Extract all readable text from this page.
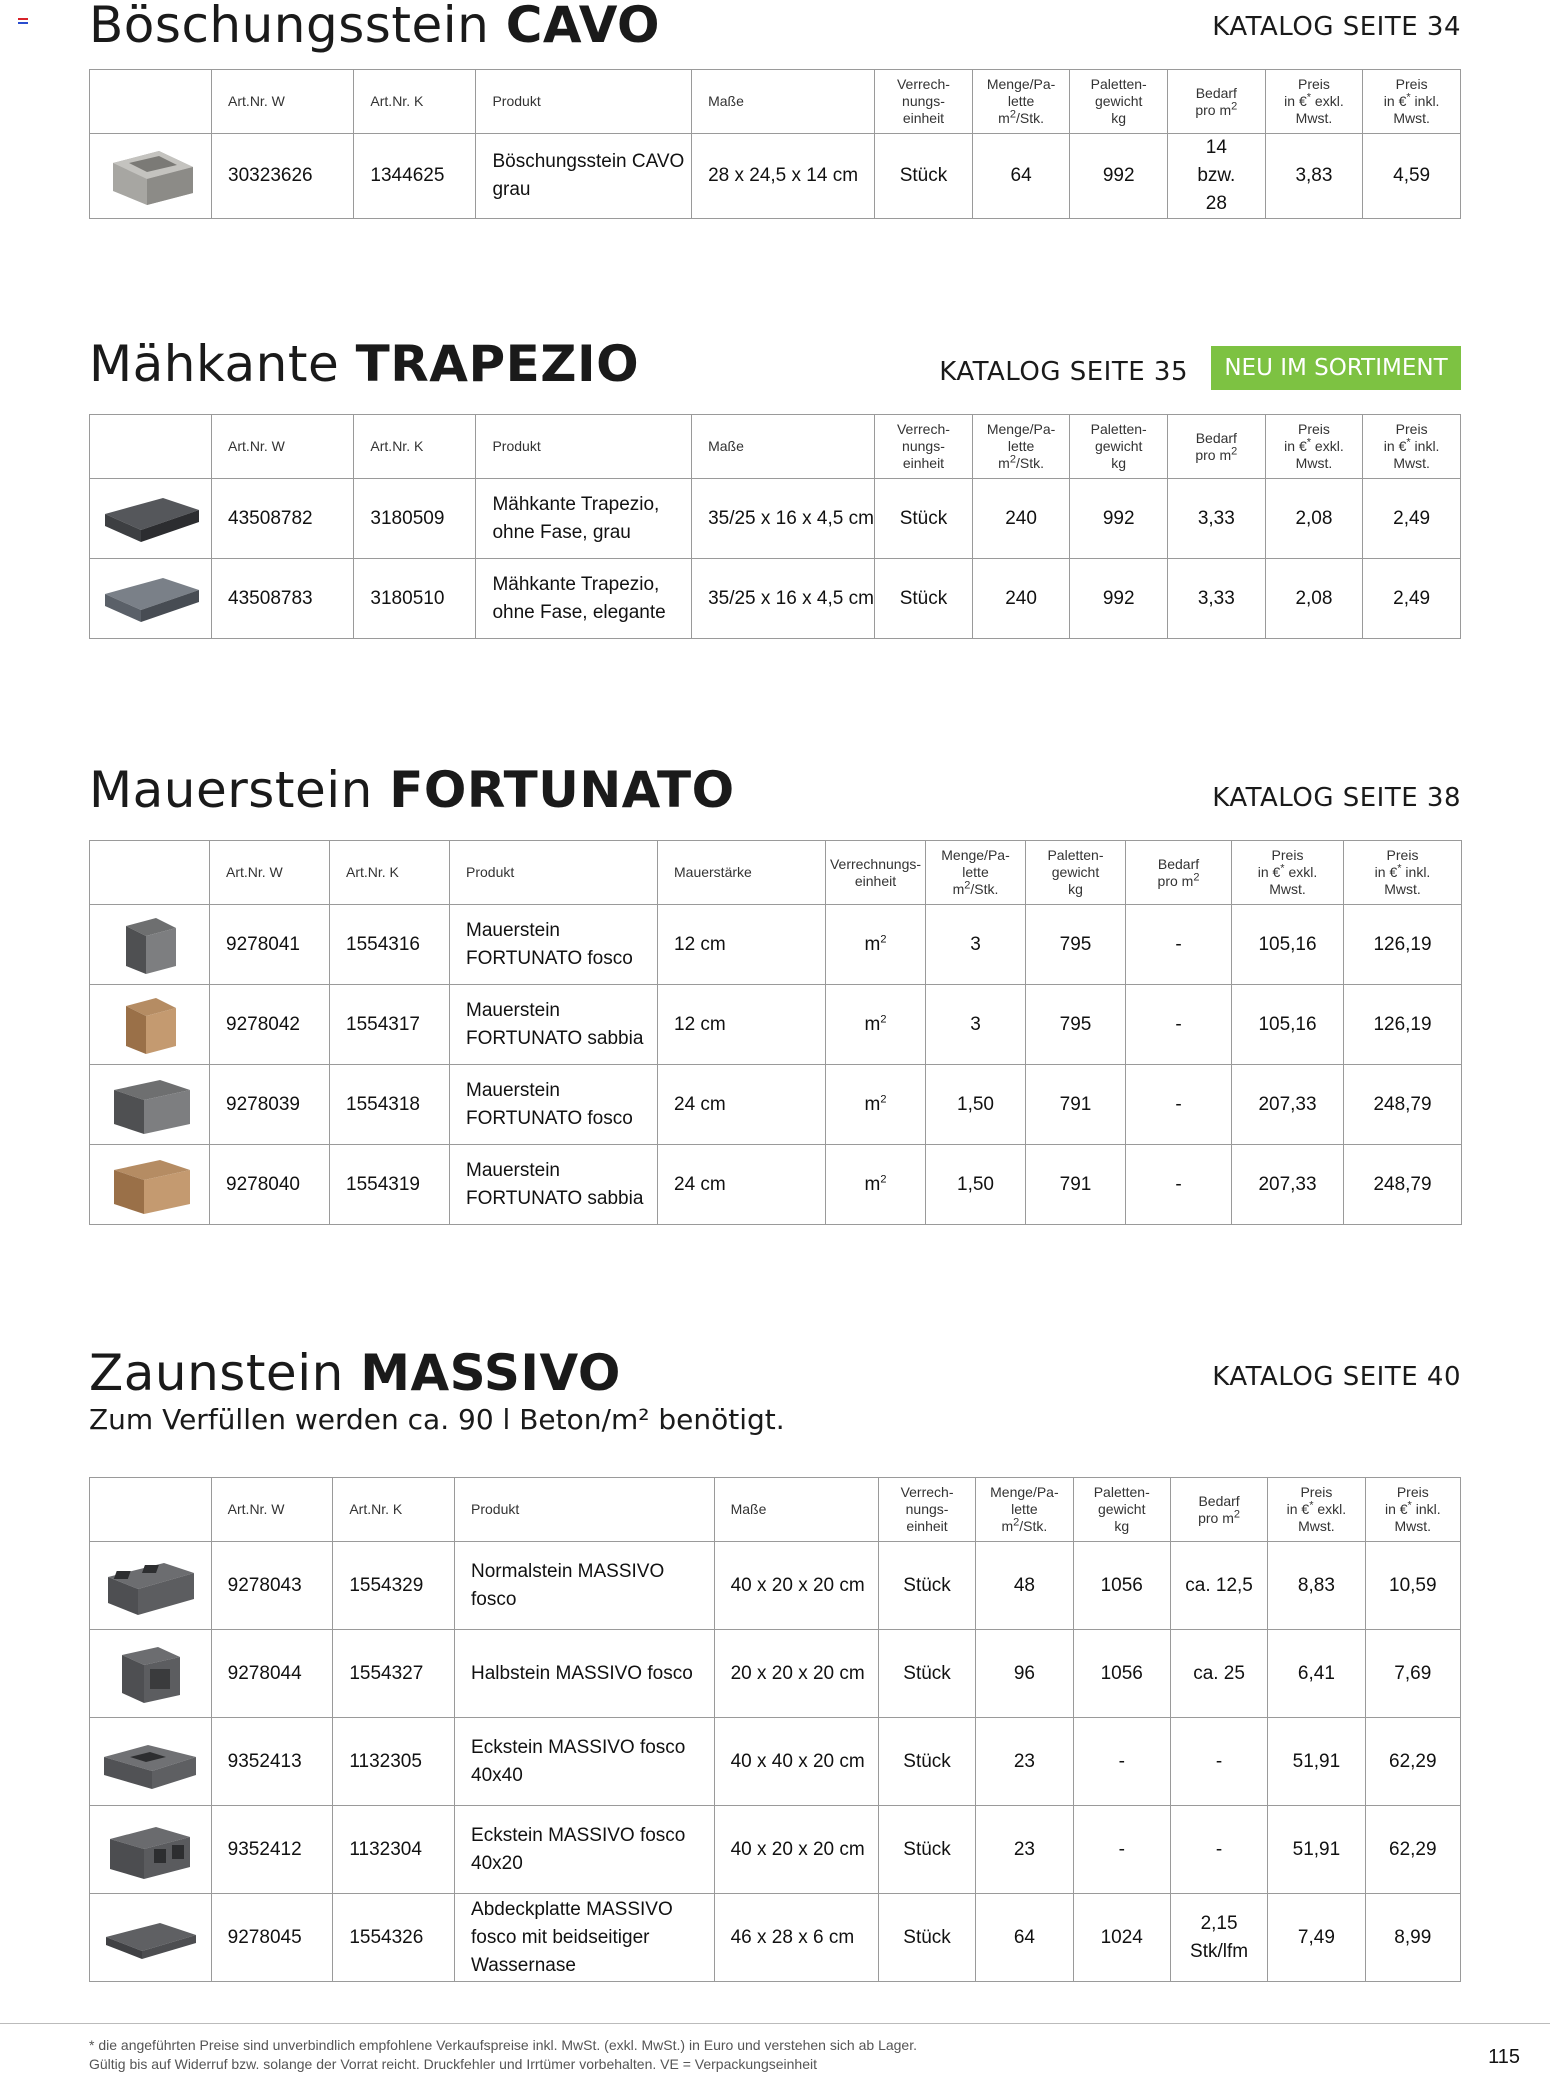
Böschungsstein CAVO	KATALOG SEITE 34
	Art.Nr. W	Art.Nr. K	Produkt	Maße	Verrech-
nungs-
einheit	Menge/Pa-
lette
$m^2$/Stk.	Paletten-
gewicht
kg	Bedarf
pro $m^2$	Preis
in €* exkl.
Mwst.	Preis
in €* inkl.
Mwst.

	30323626	1344625	Böschungsstein CAVO grau	28 x 24,5 x 14 cm	Stück	64	992	14
bzw.
28	3,83	4,59
Mähkante TRAPEZIO	KATALOG SEITE 35	NEU IM SORTIMENT
	Art.Nr. W	Art.Nr. K	Produkt	Maße	Verrech-
nungs-
einheit	Menge/Pa-
lette
$m^2$/Stk.	Paletten-
gewicht
kg	Bedarf
pro $m^2$	Preis
in €* exkl.
Mwst.	Preis
in €* inkl.
Mwst.

	43508782	3180509	Mähkante Trapezio, ohne Fase, grau	35/25 x 16 x 4,5 cm	Stück	240	992	3,33	2,08	2,49

	43508783	3180510	Mähkante Trapezio, ohne Fase, elegante	35/25 x 16 x 4,5 cm	Stück	240	992	3,33	2,08	2,49
Mauerstein FORTUNATO	KATALOG SEITE 38
	Art.Nr. W	Art.Nr. K	Produkt	Mauerstärke	Verrechnungs-
einheit	Menge/Pa-
lette
$m^2$/Stk.	Paletten-
gewicht
kg	Bedarf
pro $m^2$	Preis
in €* exkl.
Mwst.	Preis
in €* inkl.
Mwst.

	9278041	1554316	Mauerstein FORTUNATO fosco	12 cm	$m^2$	3	795	-	105,16	126,19

	9278042	1554317	Mauerstein FORTUNATO sabbia	12 cm	$m^2$	3	795	-	105,16	126,19

	9278039	1554318	Mauerstein FORTUNATO fosco	24 cm	$m^2$	1,50	791	-	207,33	248,79

	9278040	1554319	Mauerstein FORTUNATO sabbia	24 cm	$m^2$	1,50	791	-	207,33	248,79
Zaunstein MASSIVO	KATALOG SEITE 40
Zum Verfüllen werden ca. 90 l Beton/m² benötigt.
	Art.Nr. W	Art.Nr. K	Produkt	Maße	Verrech-
nungs-
einheit	Menge/Pa-
lette
$m^2$/Stk.	Paletten-
gewicht
kg	Bedarf
pro $m^2$	Preis
in €* exkl.
Mwst.	Preis
in €* inkl.
Mwst.

	9278043	1554329	Normalstein MASSIVO fosco	40 x 20 x 20 cm	Stück	48	1056	ca. 12,5	8,83	10,59

	9278044	1554327	Halbstein MASSIVO fosco	20 x 20 x 20 cm	Stück	96	1056	ca. 25	6,41	7,69

	9352413	1132305	Eckstein MASSIVO fosco 40x40	40 x 40 x 20 cm	Stück	23	-	-	51,91	62,29

	9352412	1132304	Eckstein MASSIVO fosco 40x20	40 x 20 x 20 cm	Stück	23	-	-	51,91	62,29

	9278045	1554326	Abdeckplatte MASSIVO fosco mit beidseitiger Wassernase	46 x 28 x 6 cm	Stück	64	1024	2,15
Stk/lfm	7,49	8,99
* die angeführten Preise sind unverbindlich empfohlene Verkaufspreise inkl. MwSt. (exkl. MwSt.) in Euro und verstehen sich ab Lager.
Gültig bis auf Widerruf bzw. solange der Vorrat reicht. Druckfehler und Irrtümer vorbehalten. VE = Verpackungseinheit	115
